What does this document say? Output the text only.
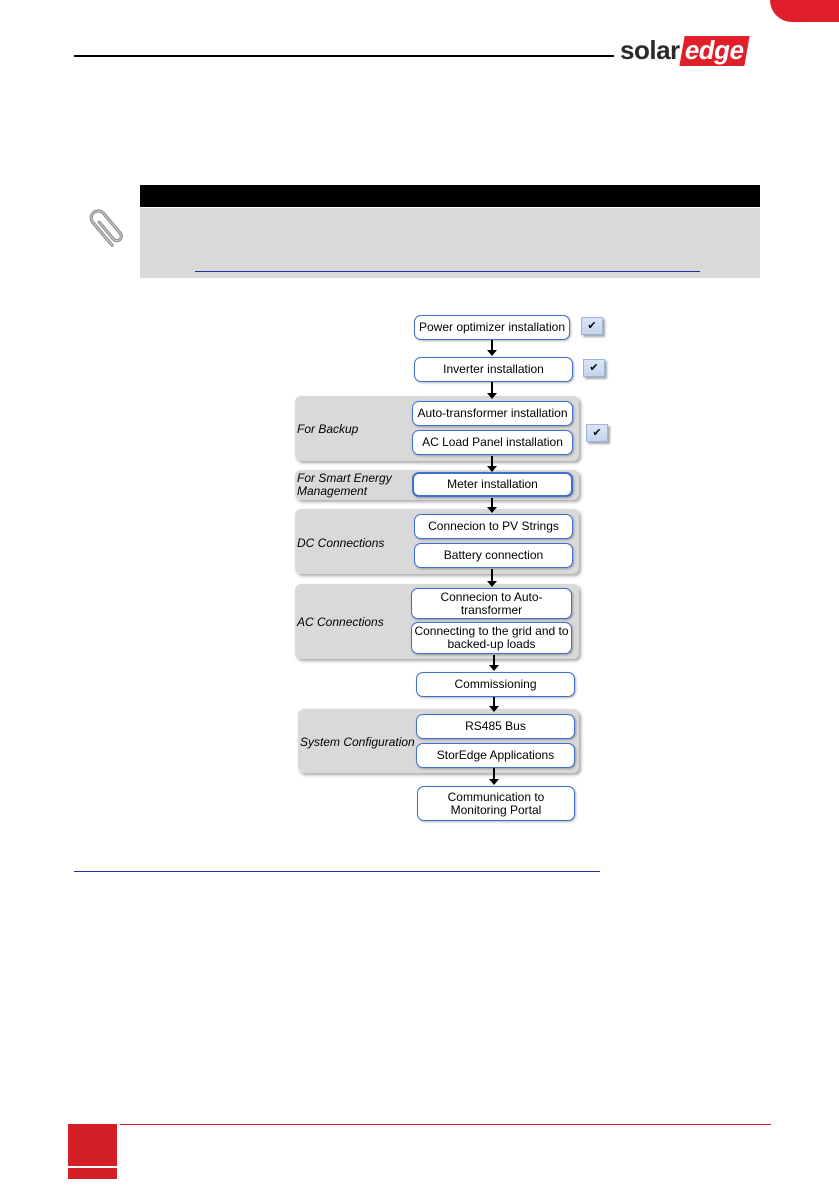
solaredge
For Backup
For Smart Energy Management
DC Connections
AC Connections
System Configuration
Power optimizer installation
Inverter installation
Auto-transformer installation
AC Load Panel installation
Meter installation
Connecion to PV Strings
Battery connection
Connecion to Auto-transformer
Connecting to the grid and to backed-up loads
Commissioning
RS485 Bus
StorEdge Applications
Communication to Monitoring Portal
✔
✔
✔
